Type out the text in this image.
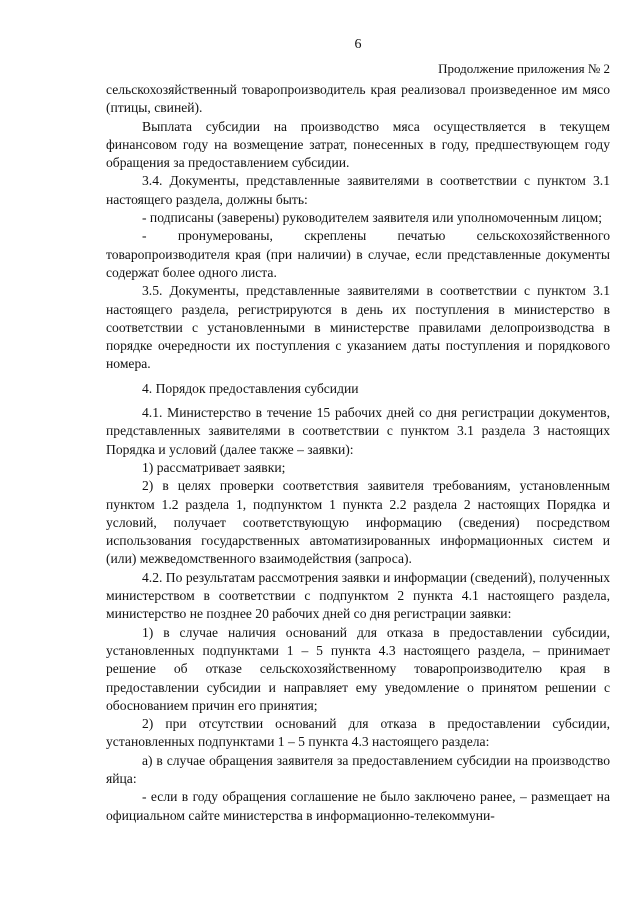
6
Продолжение приложения № 2

сельскохозяйственный товаропроизводитель края реализовал произведенное им мясо (птицы, свиней).

Выплата субсидии на производство мяса осуществляется в текущем финансовом году на возмещение затрат, понесенных в году, предшествующем году обращения за предоставлением субсидии.

3.4. Документы, представленные заявителями в соответствии с пунктом 3.1 настоящего раздела, должны быть:

- подписаны (заверены) руководителем заявителя или уполномоченным лицом;

- пронумерованы, скреплены печатью сельскохозяйственного товаропроизводителя края (при наличии) в случае, если представленные документы содержат более одного листа.

3.5. Документы, представленные заявителями в соответствии с пунктом 3.1 настоящего раздела, регистрируются в день их поступления в министерство в соответствии с установленными в министерстве правилами делопроизводства в порядке очередности их поступления с указанием даты поступления и порядкового номера.

4. Порядок предоставления субсидии

4.1. Министерство в течение 15 рабочих дней со дня регистрации документов, представленных заявителями в соответствии с пунктом 3.1 раздела 3 настоящих Порядка и условий (далее также – заявки):

1) рассматривает заявки;

2) в целях проверки соответствия заявителя требованиям, установленным пунктом 1.2 раздела 1, подпунктом 1 пункта 2.2 раздела 2 настоящих Порядка и условий, получает соответствующую информацию (сведения) посредством использования государственных автоматизированных информационных систем и (или) межведомственного взаимодействия (запроса).

4.2. По результатам рассмотрения заявки и информации (сведений), полученных министерством в соответствии с подпунктом 2 пункта 4.1 настоящего раздела, министерство не позднее 20 рабочих дней со дня регистрации заявки:

1) в случае наличия оснований для отказа в предоставлении субсидии, установленных подпунктами 1 – 5 пункта 4.3 настоящего раздела, – принимает решение об отказе сельскохозяйственному товаропроизводителю края в предоставлении субсидии и направляет ему уведомление о принятом решении с обоснованием причин его принятия;

2) при отсутствии оснований для отказа в предоставлении субсидии, установленных подпунктами 1 – 5 пункта 4.3 настоящего раздела:

а) в случае обращения заявителя за предоставлением субсидии на производство яйца:

- если в году обращения соглашение не было заключено ранее, – размещает на официальном сайте министерства в информационно-телекоммуни-
